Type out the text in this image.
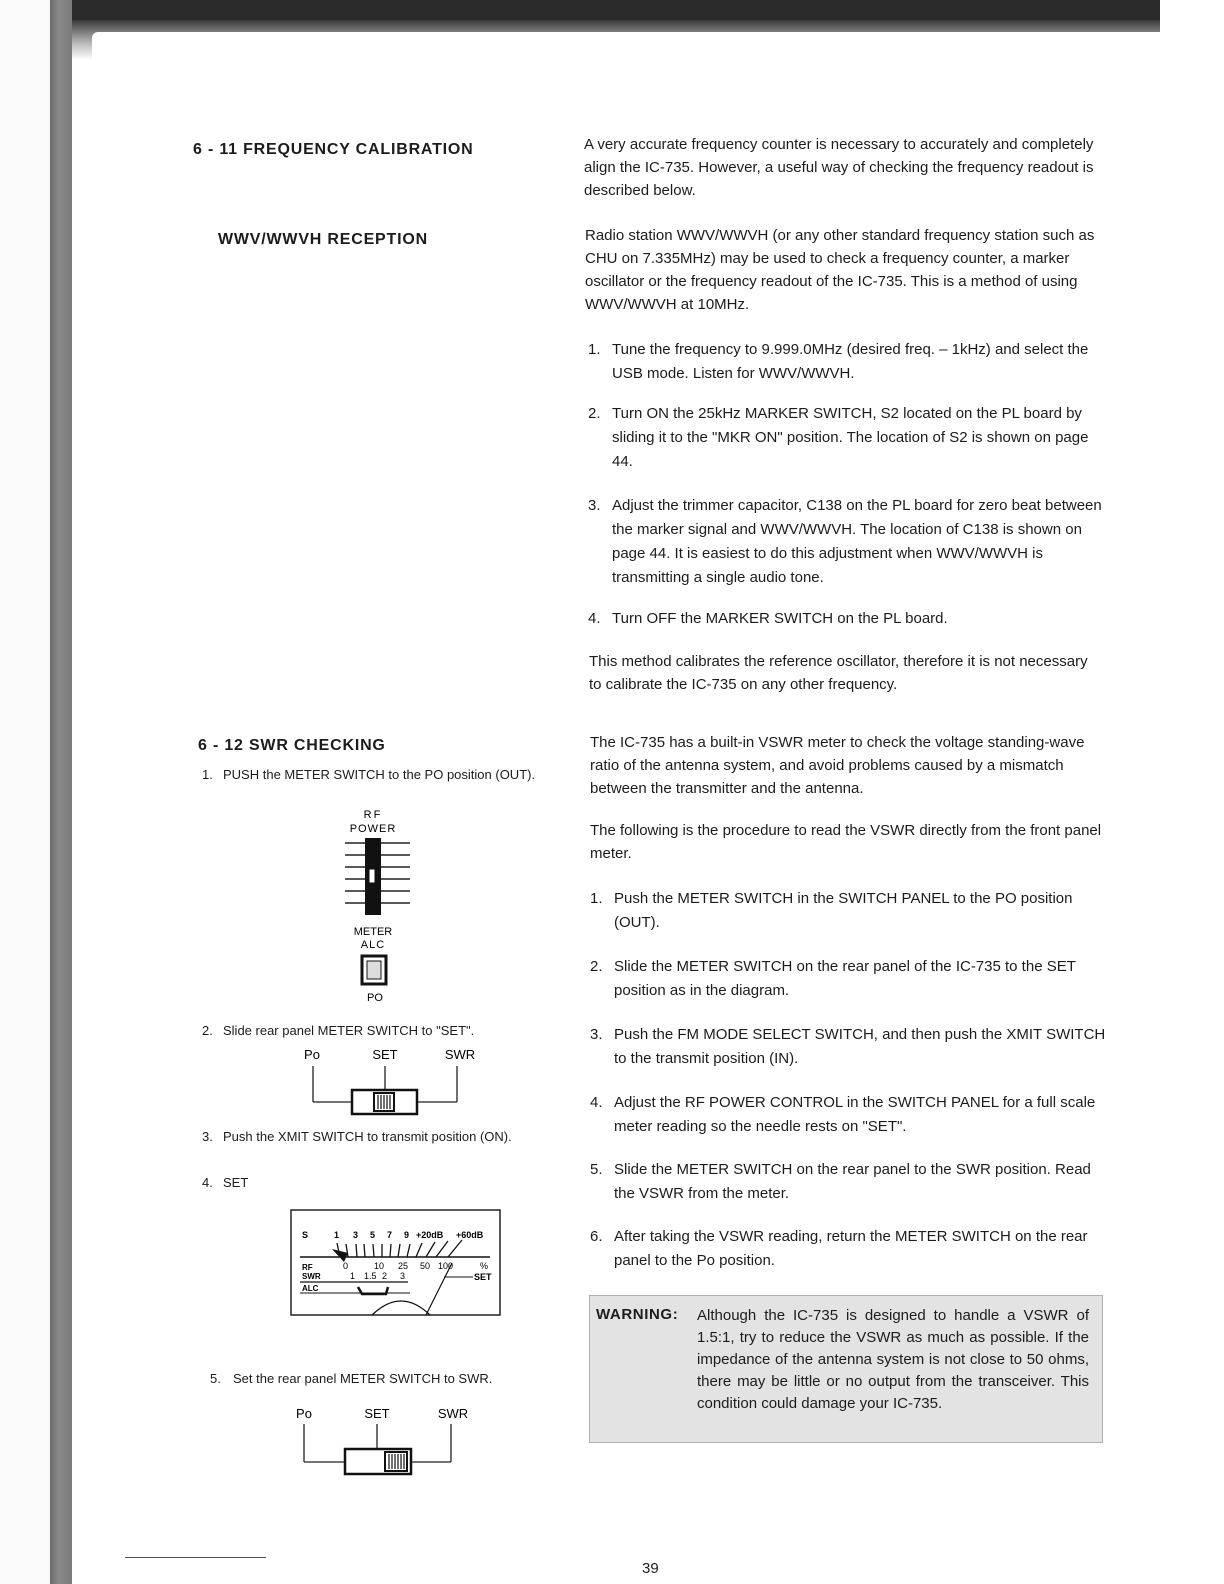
6 - 11 FREQUENCY CALIBRATION
WWV/WWVH RECEPTION

A very accurate frequency counter is necessary to accurately and completely align the IC-735. However, a useful way of checking the frequency readout is described below.

Radio station WWV/WWVH (or any other standard frequency station such as CHU on 7.335MHz) may be used to check a frequency counter, a marker oscillator or the frequency readout of the IC-735. This is a method of using WWV/WWVH at 10MHz.

1. Tune the frequency to 9.999.0MHz (desired freq. – 1kHz) and select the USB mode. Listen for WWV/WWVH.
2. Turn ON the 25kHz MARKER SWITCH, S2 located on the PL board by sliding it to the "MKR ON" position. The location of S2 is shown on page 44.
3. Adjust the trimmer capacitor, C138 on the PL board for zero beat between the marker signal and WWV/WWVH. The location of C138 is shown on page 44. It is easiest to do this adjustment when WWV/WWVH is transmitting a single audio tone.
4. Turn OFF the MARKER SWITCH on the PL board.

This method calibrates the reference oscillator, therefore it is not necessary to calibrate the IC-735 on any other frequency.

6 - 12 SWR CHECKING
1. PUSH the METER SWITCH to the PO position (OUT).
RF
POWER
METER
ALC
PO
2. Slide rear panel METER SWITCH to "SET".
Po	SET	SWR
3. Push the XMIT SWITCH to transmit position (ON).
4. SET
S	1 3 5 7 9 +20dB +60dB
RF	0	10 25 50 100	%
SWR	1 1.5 2 3	SET
ALC
5. Set the rear panel METER SWITCH to SWR.
Po	SET	SWR

The IC-735 has a built-in VSWR meter to check the voltage standing-wave ratio of the antenna system, and avoid problems caused by a mismatch between the transmitter and the antenna.

The following is the procedure to read the VSWR directly from the front panel meter.

1. Push the METER SWITCH in the SWITCH PANEL to the PO position (OUT).
2. Slide the METER SWITCH on the rear panel of the IC-735 to the SET position as in the diagram.
3. Push the FM MODE SELECT SWITCH, and then push the XMIT SWITCH to the transmit position (IN).
4. Adjust the RF POWER CONTROL in the SWITCH PANEL for a full scale meter reading so the needle rests on "SET".
5. Slide the METER SWITCH on the rear panel to the SWR position. Read the VSWR from the meter.
6. After taking the VSWR reading, return the METER SWITCH on the rear panel to the Po position.
WARNING: Although the IC-735 is designed to handle a VSWR of 1.5:1, try to reduce the VSWR as much as possible. If the impedance of the antenna system is not close to 50 ohms, there may be little or no output from the transceiver. This condition could damage your IC-735.
39
